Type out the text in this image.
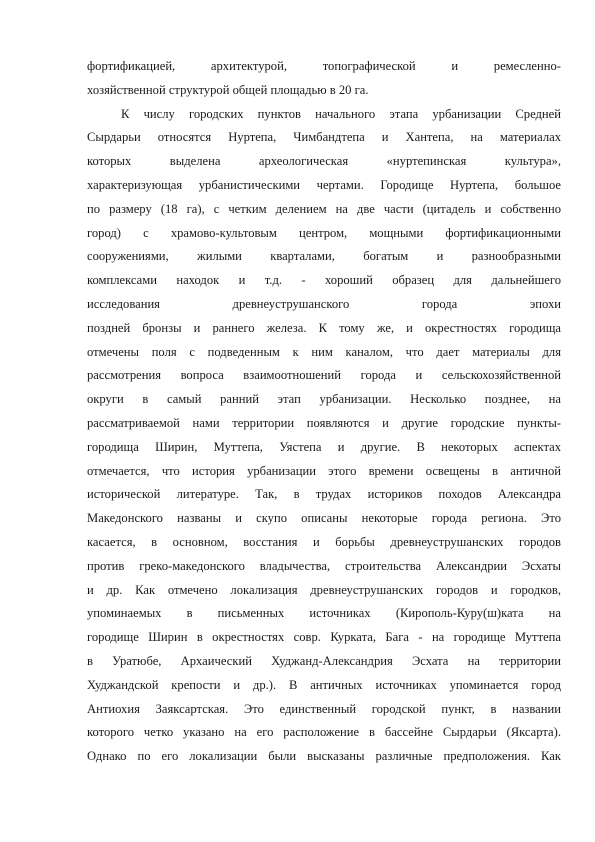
фортификацией, архитектурой, топографической и ремесленно-
хозяйственной структурой общей площадью в 20 га.
К числу городских пунктов начального этапа урбанизации Средней
Сырдарьи относятся Нуртепа, Чимбандтепа и Хантепа, на материалах
которых выделена археологическая «нуртепинская культура»,
характеризующая урбанистическими чертами. Городище Нуртепа, большое
по размеру (18 га), с четким делением на две части (цитадель и собственно
город) с храмово-культовым центром, мощными фортификационными
сооружениями, жилыми кварталами, богатым и разнообразными
комплексами находок и т.д. - хороший образец для дальнейшего
исследования древнеуструшанского города эпохи
поздней бронзы и раннего железа. К тому же, и окрестностях городища
отмечены поля с подведенным к ним каналом, что дает материалы для
рассмотрения вопроса взаимоотношений города и сельскохозяйственной
округи в самый ранний этап урбанизации. Несколько позднее, на
рассматриваемой нами территории появляются и другие городские пункты-
городища Ширин, Муттепа, Уястепа и другие. В некоторых аспектах
отмечается, что история урбанизации этого времени освещены в античной
исторической литературе. Так, в трудах историков походов Александра
Македонского названы и скупо описаны некоторые города региона. Это
касается, в основном, восстания и борьбы древнеуструшанских городов
против греко-македонского владычества, строительства Александрии Эсхаты
и др. Как отмечено локализация древнеуструшанских городов и городков,
упоминаемых в письменных источниках (Кирополь-Куру(ш)ката на
городище Ширин в окрестностях совр. Курката, Бага - на городище Муттепа
в Уратюбе, Архаический Худжанд-Александрия Эсхата на территории
Худжандской крепости и др.). В античных источниках упоминается город
Антиохия Заяксартская. Это единственный городской пункт, в названии
которого четко указано на его расположение в бассейне Сырдарьи (Яксарта).
Однако по его локализации были высказаны различные предположения. Как
